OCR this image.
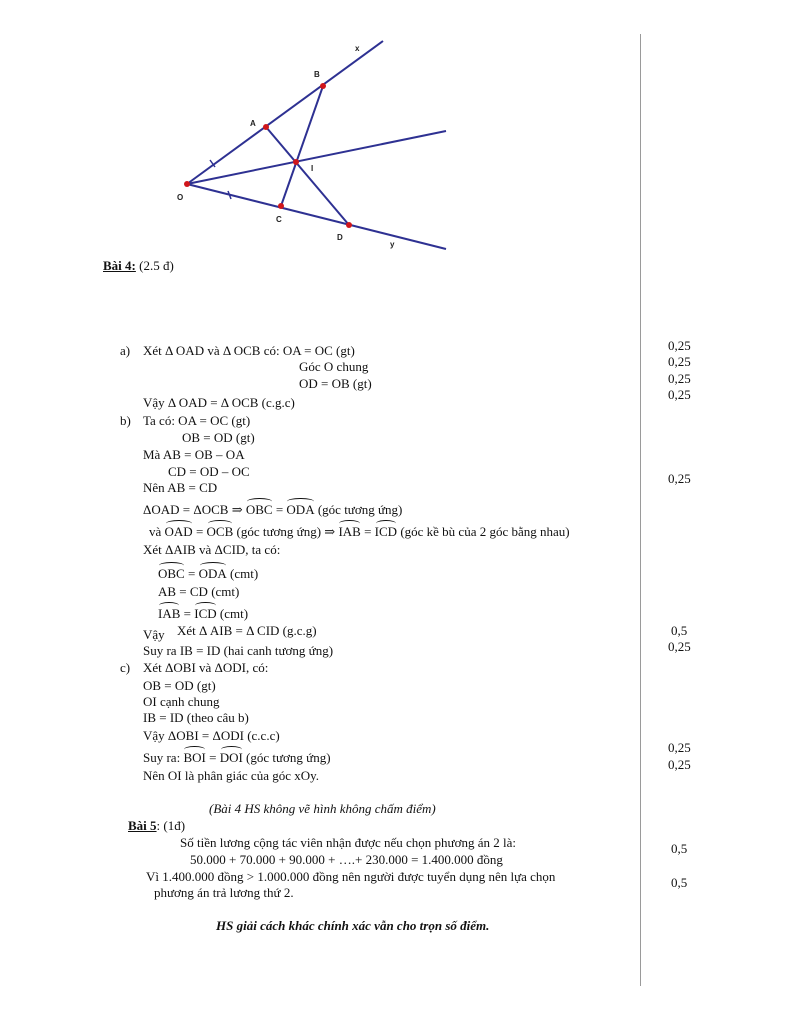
O
A
B
C
D
I
x
y
Bài 4: (2.5 đ)
a) Xét Δ OAD và Δ OCB có: OA = OC (gt)
Góc O chung
OD = OB (gt)
Vậy Δ OAD = Δ OCB (c.g.c)
b) Ta có: OA = OC (gt)
OB = OD (gt)
Mà AB = OB – OA
CD = OD – OC
Nên AB = CD
ΔOAD = ΔOCB ⇒ OBC = ODA (góc tương ứng)
và OAD = OCB (góc tương ứng) ⇒ IAB = ICD (góc kề bù của 2 góc bằng nhau)
Xét ΔAIB và ΔCID, ta có:
OBC = ODA (cmt)
AB = CD (cmt)
IAB = ICD (cmt)
Vậy Xét Δ AIB = Δ CID (g.c.g)
Suy ra IB = ID (hai canh tương ứng)
c) Xét ΔOBI và ΔODI, có:
OB = OD (gt)
OI cạnh chung
IB = ID (theo câu b)
Vậy ΔOBI = ΔODI (c.c.c)
Suy ra: BOI = DOI (góc tương ứng)
Nên OI là phân giác của góc xOy.
(Bài 4 HS không vẽ hình không chấm điểm)
Bài 5: (1đ)
Số tiền lương cộng tác viên nhận được nếu chọn phương án 2 là:
50.000 + 70.000 + 90.000 + ….+ 230.000 = 1.400.000 đồng
Vì 1.400.000 đồng > 1.000.000 đồng nên người được tuyển dụng nên lựa chọn
phương án trả lương thứ 2.
HS giải cách khác chính xác vẫn cho trọn số điểm.
0,25
0,25
0,25
0,25
0,25
0,5
0,25
0,25
0,25
0,5
0,5
